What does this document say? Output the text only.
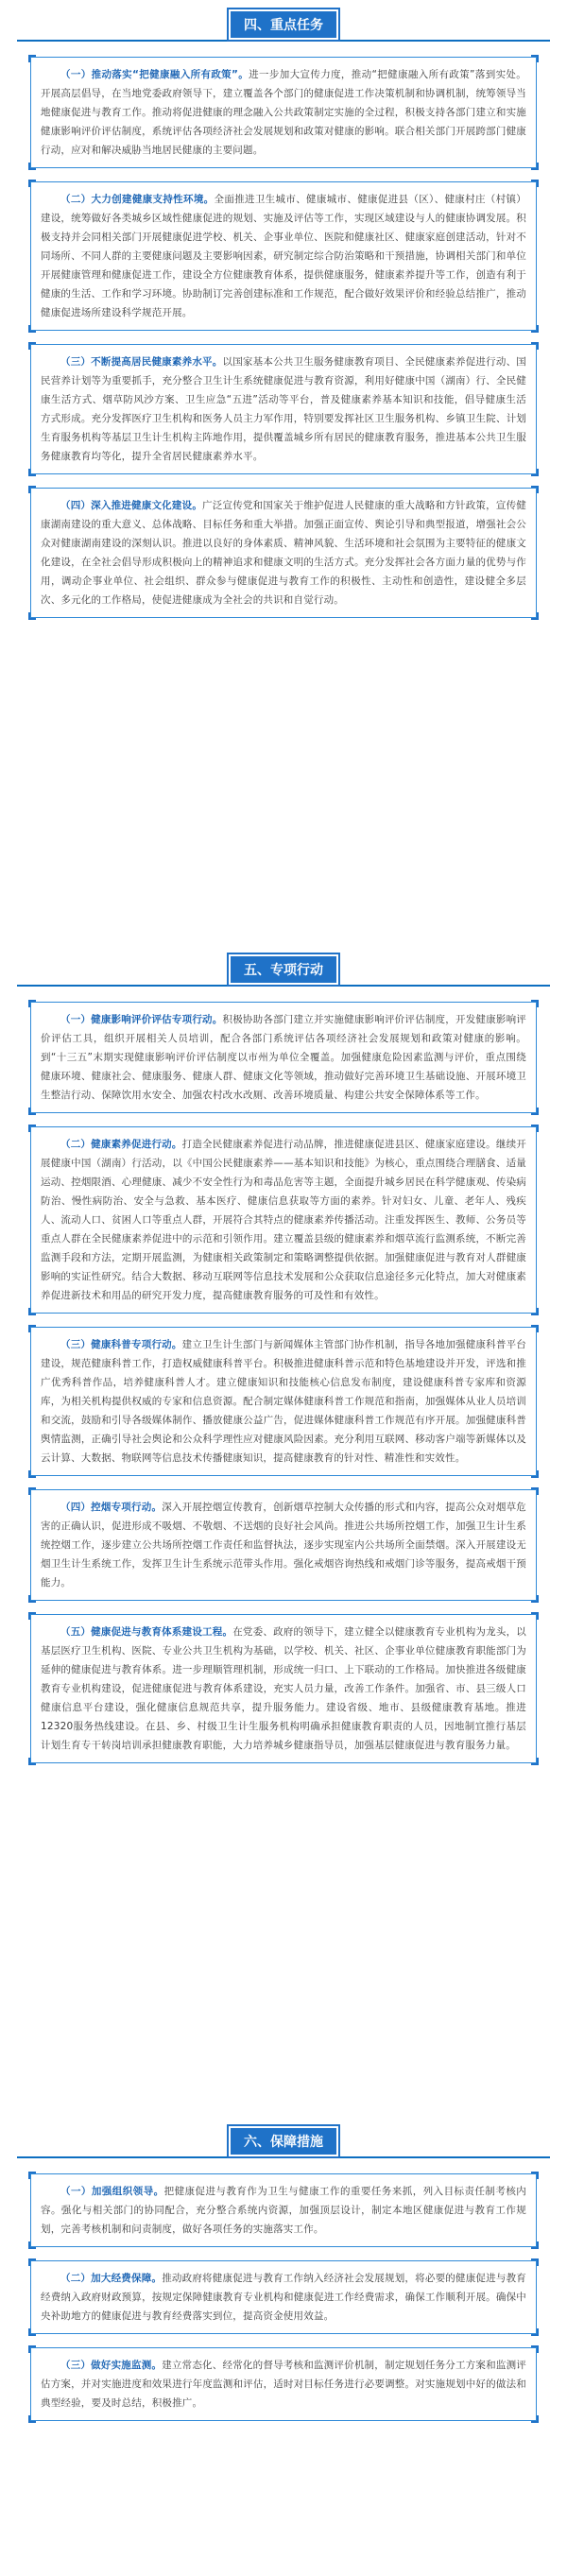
四、重点任务

（一）推动落实“把健康融入所有政策”。进一步加大宣传力度，推动“把健康融入所有政策”落到实处。开展高层倡导，在当地党委政府领导下，建立覆盖各个部门的健康促进工作决策机制和协调机制，统筹领导当地健康促进与教育工作。推动将促进健康的理念融入公共政策制定实施的全过程，积极支持各部门建立和实施健康影响评价评估制度，系统评估各项经济社会发展规划和政策对健康的影响。联合相关部门开展跨部门健康行动，应对和解决威胁当地居民健康的主要问题。

（二）大力创建健康支持性环境。全面推进卫生城市、健康城市、健康促进县（区）、健康村庄（村镇）建设，统筹做好各类城乡区域性健康促进的规划、实施及评估等工作，实现区域建设与人的健康协调发展。积极支持并会同相关部门开展健康促进学校、机关、企事业单位、医院和健康社区、健康家庭创建活动，针对不同场所、不同人群的主要健康问题及主要影响因素，研究制定综合防治策略和干预措施，协调相关部门和单位开展健康管理和健康促进工作，建设全方位健康教育体系，提供健康服务，健康素养提升等工作，创造有利于健康的生活、工作和学习环境。协助制订完善创建标准和工作规范，配合做好效果评价和经验总结推广，推动健康促进场所建设科学规范开展。

（三）不断提高居民健康素养水平。以国家基本公共卫生服务健康教育项目、全民健康素养促进行动、国民营养计划等为重要抓手，充分整合卫生计生系统健康促进与教育资源，利用好健康中国（湖南）行、全民健康生活方式、烟草防风沙方案、卫生应急“五进”活动等平台，普及健康素养基本知识和技能，倡导健康生活方式形成。充分发挥医疗卫生机构和医务人员主力军作用，特别要发挥社区卫生服务机构、乡镇卫生院、计划生育服务机构等基层卫生计生机构主阵地作用，提供覆盖城乡所有居民的健康教育服务，推进基本公共卫生服务健康教育均等化，提升全省居民健康素养水平。

（四）深入推进健康文化建设。广泛宣传党和国家关于维护促进人民健康的重大战略和方针政策，宣传健康湖南建设的重大意义、总体战略、目标任务和重大举措。加强正面宣传、舆论引导和典型报道，增强社会公众对健康湖南建设的深刻认识。推进以良好的身体素质、精神风貌、生活环境和社会氛围为主要特征的健康文化建设，在全社会倡导形成积极向上的精神追求和健康文明的生活方式。充分发挥社会各方面力量的优势与作用，调动企事业单位、社会组织、群众参与健康促进与教育工作的积极性、主动性和创造性，建设健全多层次、多元化的工作格局，使促进健康成为全社会的共识和自觉行动。

五、专项行动

（一）健康影响评价评估专项行动。积极协助各部门建立并实施健康影响评价评估制度，开发健康影响评价评估工具，组织开展相关人员培训，配合各部门系统评估各项经济社会发展规划和政策对健康的影响。到“十三五”末期实现健康影响评价评估制度以市州为单位全覆盖。加强健康危险因素监测与评价，重点围绕健康环境、健康社会、健康服务、健康人群、健康文化等领域，推动做好完善环境卫生基础设施、开展环境卫生整洁行动、保障饮用水安全、加强农村改水改厕、改善环境质量、构建公共安全保障体系等工作。

（二）健康素养促进行动。打造全民健康素养促进行动品牌，推进健康促进县区、健康家庭建设。继续开展健康中国（湖南）行活动，以《中国公民健康素养——基本知识和技能》为核心，重点围绕合理膳食、适量运动、控烟限酒、心理健康、减少不安全性行为和毒品危害等主题，全面提升城乡居民在科学健康观、传染病防治、慢性病防治、安全与急救、基本医疗、健康信息获取等方面的素养。针对妇女、儿童、老年人、残疾人、流动人口、贫困人口等重点人群，开展符合其特点的健康素养传播活动。注重发挥医生、教师、公务员等重点人群在全民健康素养促进中的示范和引领作用。建立覆盖县级的健康素养和烟草流行监测系统，不断完善监测手段和方法，定期开展监测，为健康相关政策制定和策略调整提供依据。加强健康促进与教育对人群健康影响的实证性研究。结合大数据、移动互联网等信息技术发展和公众获取信息途径多元化特点，加大对健康素养促进新技术和用品的研究开发力度，提高健康教育服务的可及性和有效性。

（三）健康科普专项行动。建立卫生计生部门与新闻媒体主管部门协作机制，指导各地加强健康科普平台建设，规范健康科普工作，打造权威健康科普平台。积极推进健康科普示范和特色基地建设并开发，评选和推广优秀科普作品，培养健康科普人才。建立健康知识和技能核心信息发布制度，建设健康科普专家库和资源库，为相关机构提供权威的专家和信息资源。配合制定媒体健康科普工作规范和指南，加强媒体从业人员培训和交流，鼓励和引导各级媒体制作、播放健康公益广告，促进媒体健康科普工作规范有序开展。加强健康科普舆情监测，正确引导社会舆论和公众科学理性应对健康风险因素。充分利用互联网、移动客户端等新媒体以及云计算、大数据、物联网等信息技术传播健康知识，提高健康教育的针对性、精准性和实效性。

（四）控烟专项行动。深入开展控烟宣传教育，创新烟草控制大众传播的形式和内容，提高公众对烟草危害的正确认识，促进形成不吸烟、不敬烟、不送烟的良好社会风尚。推进公共场所控烟工作，加强卫生计生系统控烟工作，逐步建立公共场所控烟工作责任和监督执法，逐步实现室内公共场所全面禁烟。深入开展建设无烟卫生计生系统工作，发挥卫生计生系统示范带头作用。强化戒烟咨询热线和戒烟门诊等服务，提高戒烟干预能力。

（五）健康促进与教育体系建设工程。在党委、政府的领导下，建立健全以健康教育专业机构为龙头，以基层医疗卫生机构、医院、专业公共卫生机构为基础，以学校、机关、社区、企事业单位健康教育职能部门为延伸的健康促进与教育体系。进一步理顺管理机制，形成统一归口、上下联动的工作格局。加快推进各级健康教育专业机构建设，促进健康促进与教育体系建设，充实人员力量，改善工作条件。加强省、市、县三级人口健康信息平台建设，强化健康信息规范共享，提升服务能力。建设省级、地市、县级健康教育基地。推进12320服务热线建设。在县、乡、村级卫生计生服务机构明确承担健康教育职责的人员，因地制宜推行基层计划生育专干转岗培训承担健康教育职能，大力培养城乡健康指导员，加强基层健康促进与教育服务力量。

六、保障措施

（一）加强组织领导。把健康促进与教育作为卫生与健康工作的重要任务来抓，列入目标责任制考核内容。强化与相关部门的协同配合，充分整合系统内资源，加强顶层设计，制定本地区健康促进与教育工作规划，完善考核机制和问责制度，做好各项任务的实施落实工作。

（二）加大经费保障。推动政府将健康促进与教育工作纳入经济社会发展规划，将必要的健康促进与教育经费纳入政府财政预算，按规定保障健康教育专业机构和健康促进工作经费需求，确保工作顺利开展。确保中央补助地方的健康促进与教育经费落实到位，提高资金使用效益。

（三）做好实施监测。建立常态化、经常化的督导考核和监测评价机制，制定规划任务分工方案和监测评估方案，并对实施进度和效果进行年度监测和评估，适时对目标任务进行必要调整。对实施规划中好的做法和典型经验，要及时总结，积极推广。
